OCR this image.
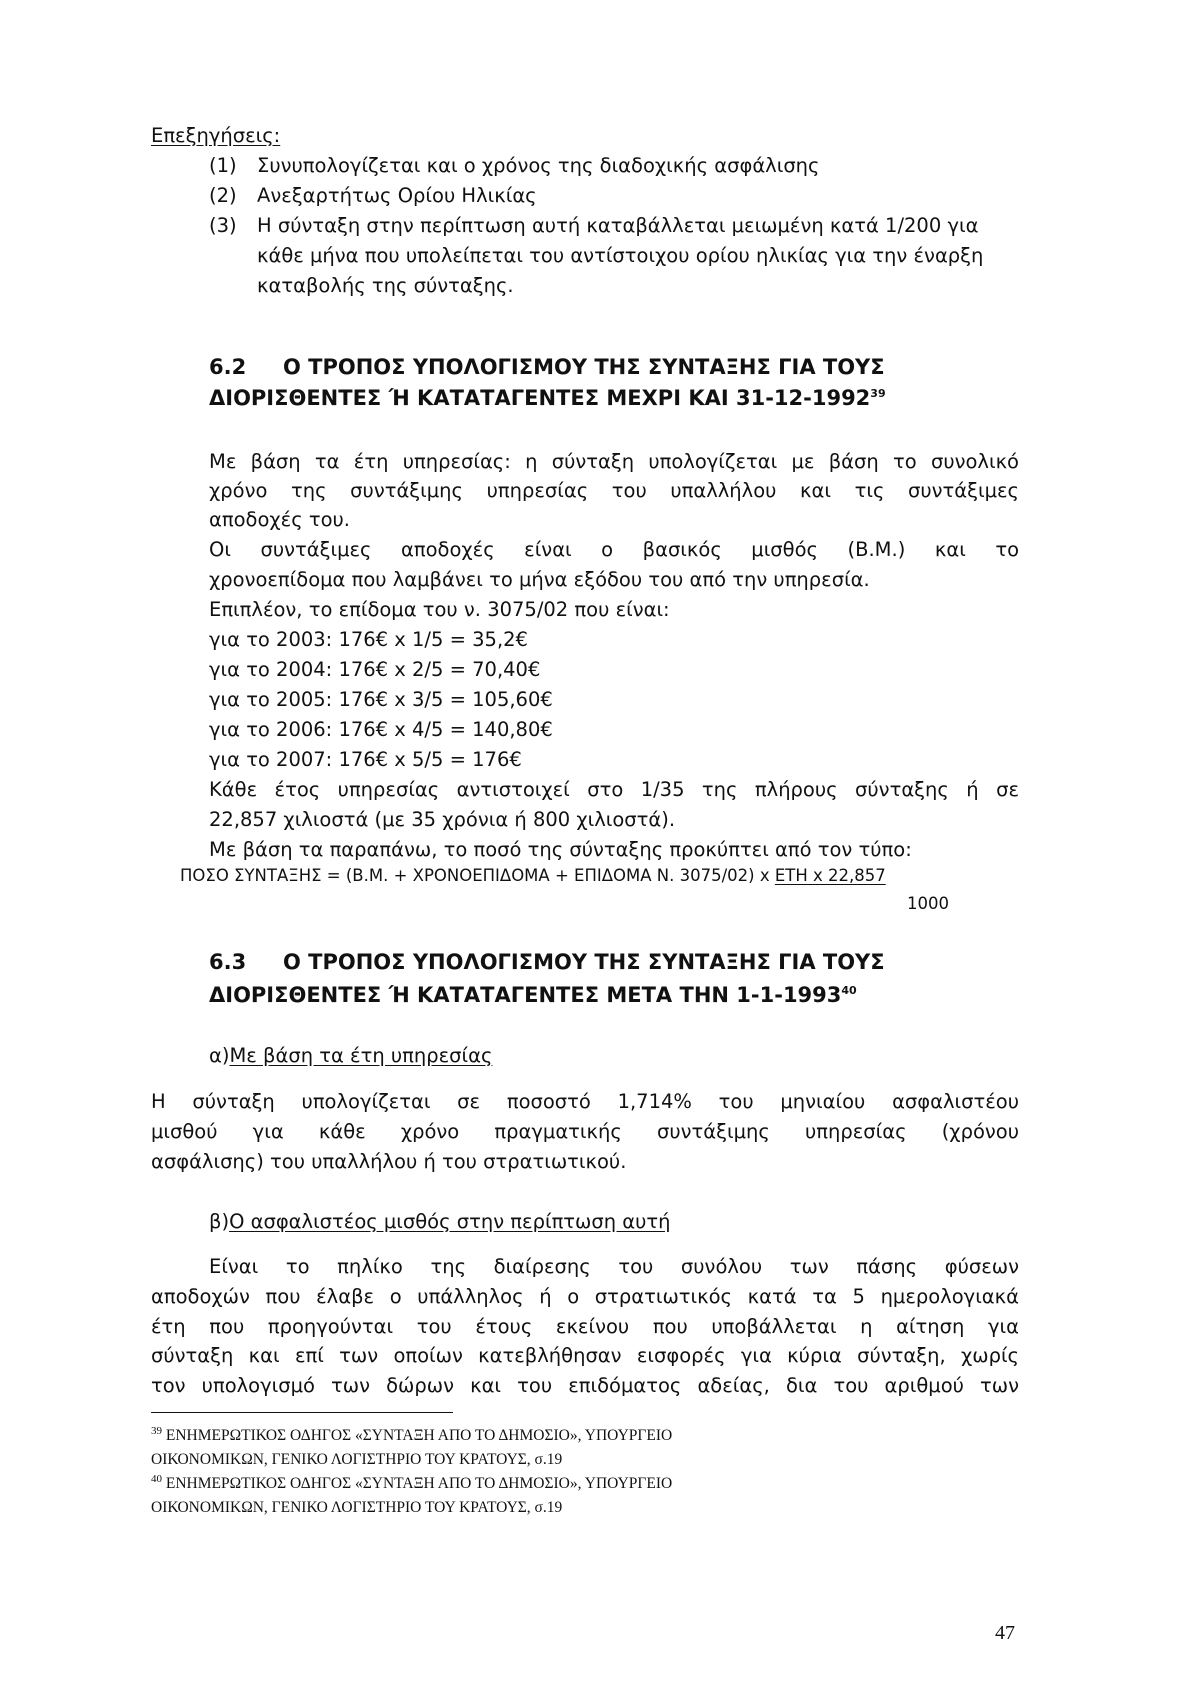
Επεξηγήσεις:
(1) Συνυπολογίζεται και ο χρόνος της διαδοχικής ασφάλισης
(2) Ανεξαρτήτως Ορίου Ηλικίας
(3) Η σύνταξη στην περίπτωση αυτή καταβάλλεται μειωμένη κατά 1/200 για
κάθε μήνα που υπολείπεται του αντίστοιχου ορίου ηλικίας για την έναρξη
καταβολής της σύνταξης.
6.2 Ο ΤΡΟΠΟΣ ΥΠΟΛΟΓΙΣΜΟΥ ΤΗΣ ΣΥΝΤΑΞΗΣ ΓΙΑ ΤΟΥΣ
ΔΙΟΡΙΣΘΕΝΤΕΣ Ή ΚΑΤΑΤΑΓΕΝΤΕΣ ΜΕΧΡΙ ΚΑΙ 31-12-1992$^{39}$
Με βάση τα έτη υπηρεσίας: η σύνταξη υπολογίζεται με βάση το συνολικό
χρόνο της συντάξιμης υπηρεσίας του υπαλλήλου και τις συντάξιμες
αποδοχές του.
Οι συντάξιμες αποδοχές είναι ο βασικός μισθός (Β.Μ.) και το
χρονοεπίδομα που λαμβάνει το μήνα εξόδου του από την υπηρεσία.
Επιπλέον, το επίδομα του ν. 3075/02 που είναι:
για το 2003: 176€ x 1/5 = 35,2€
για το 2004: 176€ x 2/5 = 70,40€
για το 2005: 176€ x 3/5 = 105,60€
για το 2006: 176€ x 4/5 = 140,80€
για το 2007: 176€ x 5/5 = 176€
Κάθε έτος υπηρεσίας αντιστοιχεί στο 1/35 της πλήρους σύνταξης ή σε
22,857 χιλιοστά (με 35 χρόνια ή 800 χιλιοστά).
Με βάση τα παραπάνω, το ποσό της σύνταξης προκύπτει από τον τύπο:
ΠΟΣΟ ΣΥΝΤΑΞΗΣ = (Β.Μ. + ΧΡΟΝΟΕΠΙΔΟΜΑ + ΕΠΙΔΟΜΑ Ν. 3075/02) x ΕΤΗ x 22,857
1000
6.3 Ο ΤΡΟΠΟΣ ΥΠΟΛΟΓΙΣΜΟΥ ΤΗΣ ΣΥΝΤΑΞΗΣ ΓΙΑ ΤΟΥΣ
ΔΙΟΡΙΣΘΕΝΤΕΣ Ή ΚΑΤΑΤΑΓΕΝΤΕΣ ΜΕΤΑ ΤΗΝ 1-1-1993$^{40}$
α)Με βάση τα έτη υπηρεσίας
Η σύνταξη υπολογίζεται σε ποσοστό 1,714% του μηνιαίου ασφαλιστέου
μισθού για κάθε χρόνο πραγματικής συντάξιμης υπηρεσίας (χρόνου
ασφάλισης) του υπαλλήλου ή του στρατιωτικού.
β)Ο ασφαλιστέος μισθός στην περίπτωση αυτή
Είναι το πηλίκο της διαίρεσης του συνόλου των πάσης φύσεων
αποδοχών που έλαβε ο υπάλληλος ή ο στρατιωτικός κατά τα 5 ημερολογιακά
έτη που προηγούνται του έτους εκείνου που υποβάλλεται η αίτηση για
σύνταξη και επί των οποίων κατεβλήθησαν εισφορές για κύρια σύνταξη, χωρίς
τον υπολογισμό των δώρων και του επιδόματος αδείας, δια του αριθμού των
$^{39}$ ΕΝΗΜΕΡΩΤΙΚΟΣ ΟΔΗΓΟΣ «ΣΥΝΤΑΞΗ ΑΠΟ ΤΟ ΔΗΜΟΣΙΟ», ΥΠΟΥΡΓΕΙΟ
ΟΙΚΟΝΟΜΙΚΩΝ, ΓΕΝΙΚΟ ΛΟΓΙΣΤΗΡΙΟ ΤΟΥ ΚΡΑΤΟΥΣ, σ.19
$^{40}$ ΕΝΗΜΕΡΩΤΙΚΟΣ ΟΔΗΓΟΣ «ΣΥΝΤΑΞΗ ΑΠΟ ΤΟ ΔΗΜΟΣΙΟ», ΥΠΟΥΡΓΕΙΟ
ΟΙΚΟΝΟΜΙΚΩΝ, ΓΕΝΙΚΟ ΛΟΓΙΣΤΗΡΙΟ ΤΟΥ ΚΡΑΤΟΥΣ, σ.19
47
